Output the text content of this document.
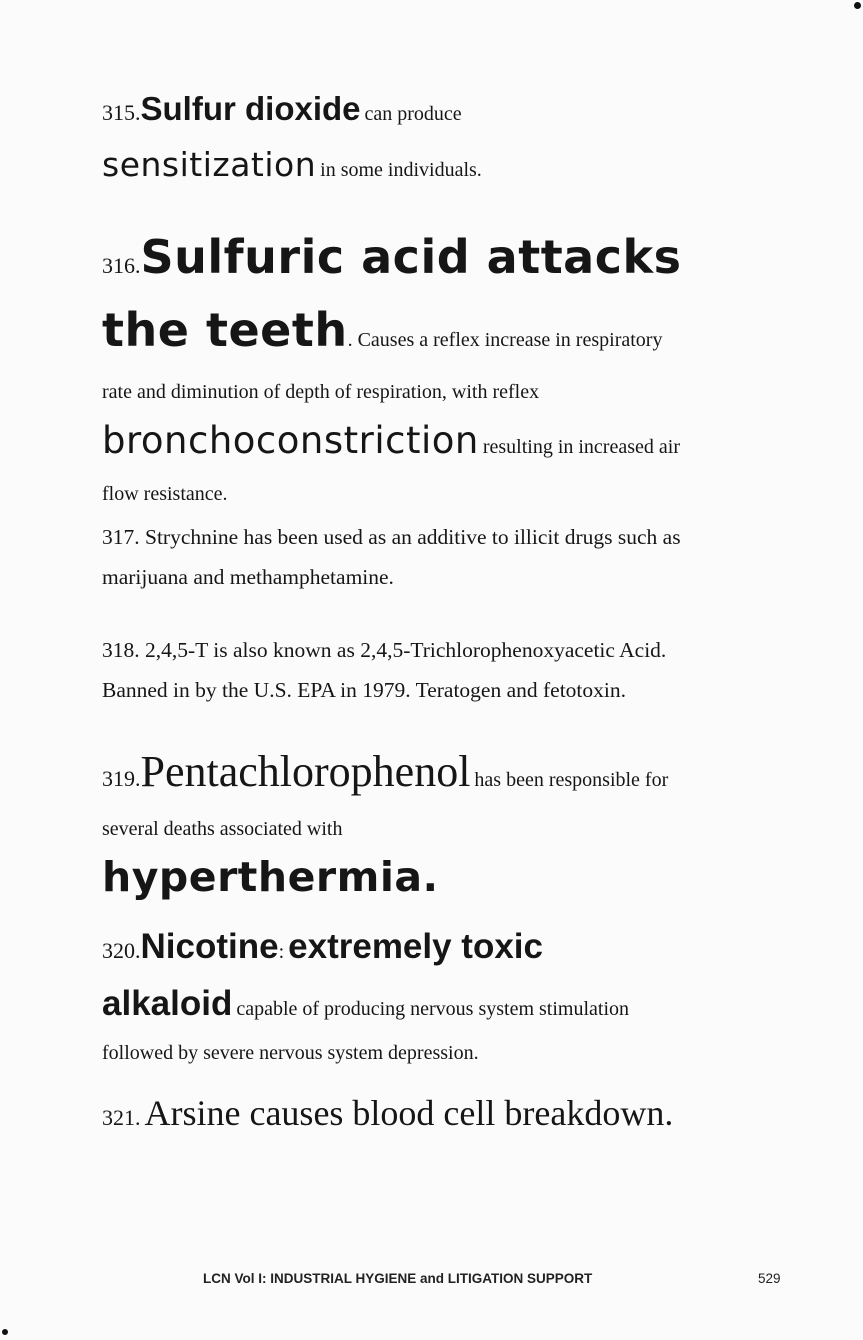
315.Sulfur dioxide can produce
sensitization in some individuals.
316.Sulfuric acid attacks
the teeth. Causes a reflex increase in respiratory
rate and diminution of depth of respiration, with reflex
bronchoconstriction resulting in increased air
flow resistance.
317. Strychnine has been used as an additive to illicit drugs such as
marijuana and methamphetamine.
318. 2,4,5-T is also known as 2,4,5-Trichlorophenoxyacetic Acid.
Banned in by the U.S. EPA in 1979. Teratogen and fetotoxin.
319.Pentachlorophenol has been responsible for
several deaths associated with
hyperthermia.
320.Nicotine: extremely toxic
alkaloid capable of producing nervous system stimulation
followed by severe nervous system depression.
321. Arsine causes blood cell breakdown.
LCN Vol I: INDUSTRIAL HYGIENE and LITIGATION SUPPORT	529
